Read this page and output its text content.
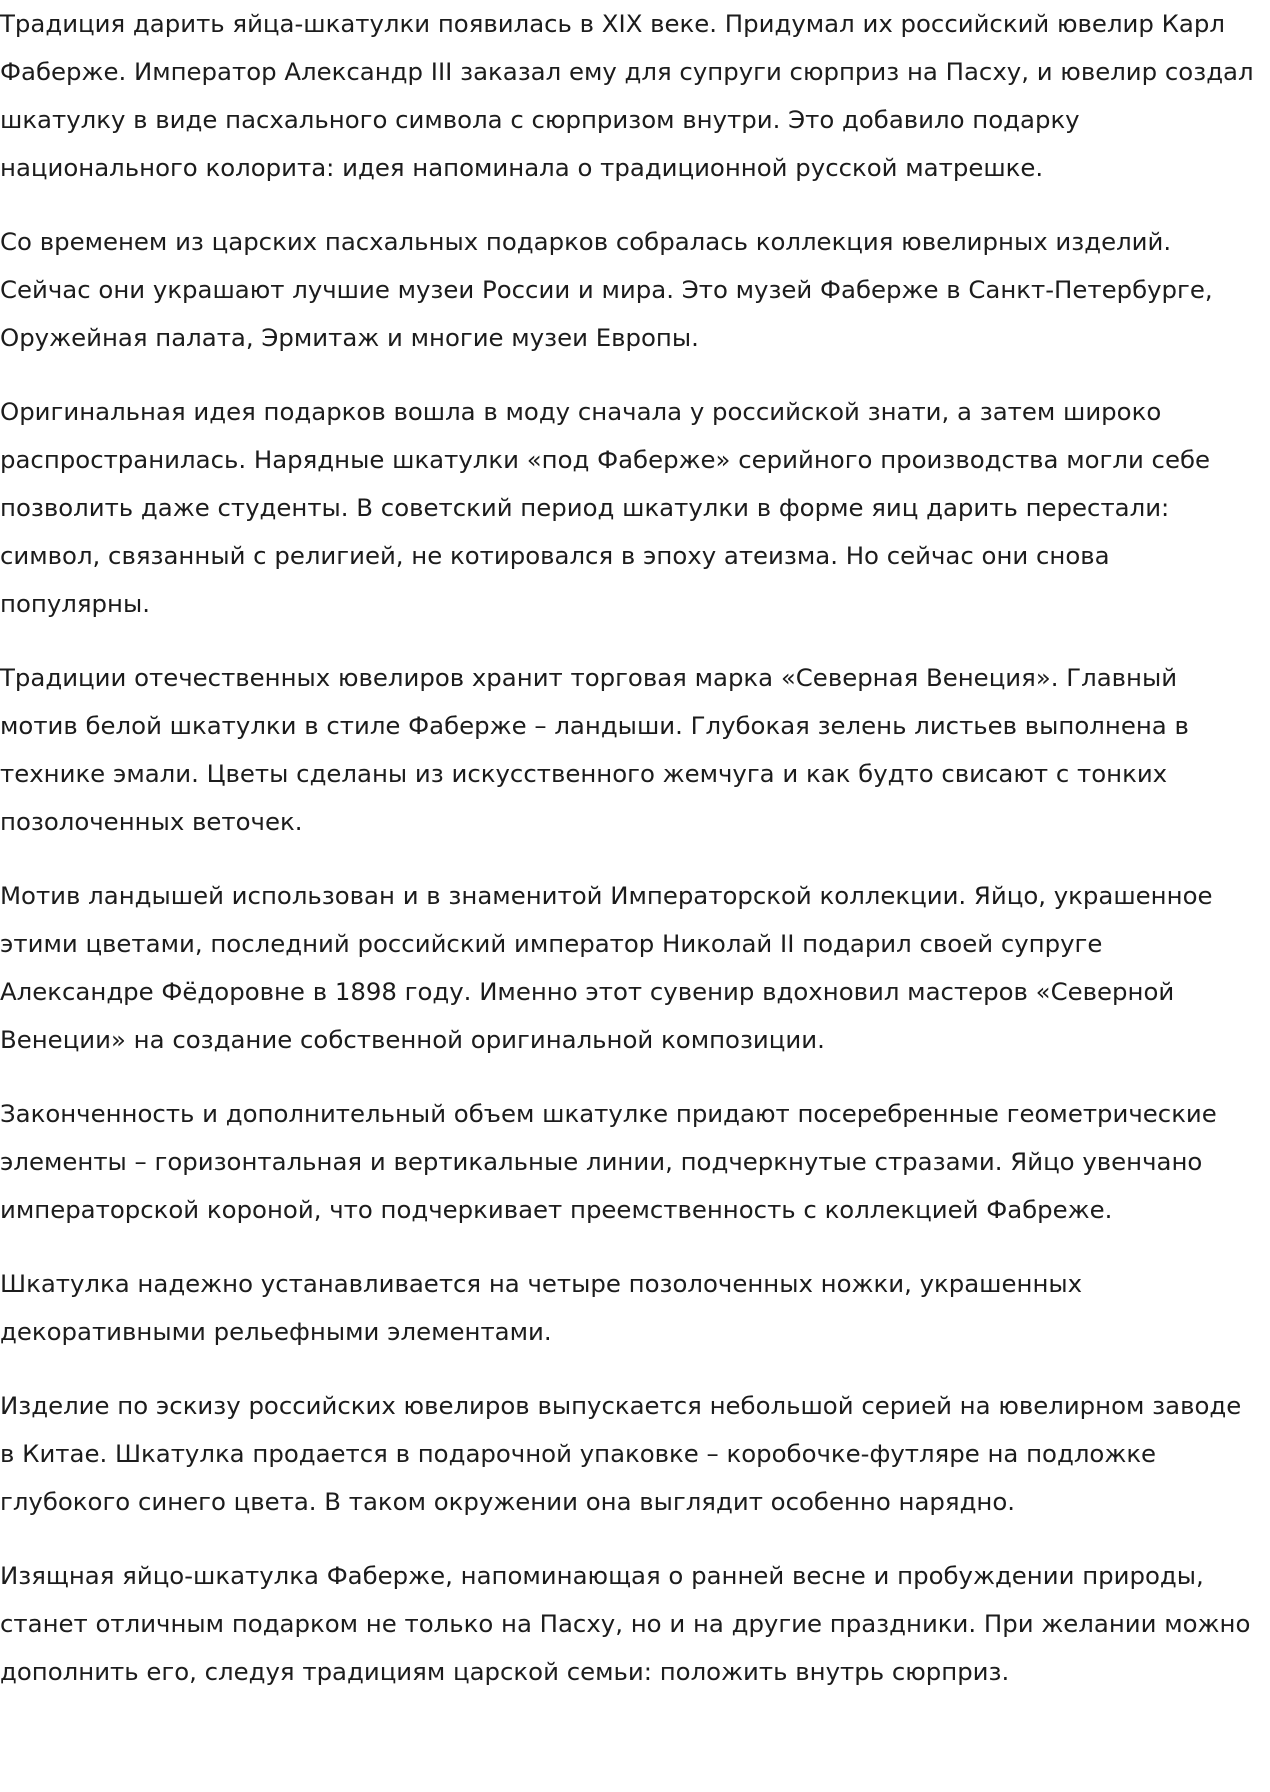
Традиция дарить яйца-шкатулки появилась в XIX веке. Придумал их российский ювелир Карл Фаберже. Император Александр III заказал ему для супруги сюрприз на Пасху, и ювелир создал шкатулку в виде пасхального символа с сюрпризом внутри. Это добавило подарку национального колорита: идея напоминала о традиционной русской матрешке.

Со временем из царских пасхальных подарков собралась коллекция ювелирных изделий. Сейчас они украшают лучшие музеи России и мира. Это музей Фаберже в Санкт-Петербурге, Оружейная палата, Эрмитаж и многие музеи Европы.

Оригинальная идея подарков вошла в моду сначала у российской знати, а затем широко распространилась. Нарядные шкатулки «под Фаберже» серийного производства могли себе позволить даже студенты. В советский период шкатулки в форме яиц дарить перестали: символ, связанный с религией, не котировался в эпоху атеизма. Но сейчас они снова популярны.

Традиции отечественных ювелиров хранит торговая марка «Северная Венеция». Главный мотив белой шкатулки в стиле Фаберже – ландыши. Глубокая зелень листьев выполнена в технике эмали. Цветы сделаны из искусственного жемчуга и как будто свисают с тонких позолоченных веточек.

Мотив ландышей использован и в знаменитой Императорской коллекции. Яйцо, украшенное этими цветами, последний российский император Николай II подарил своей супруге Александре Фёдоровне в 1898 году. Именно этот сувенир вдохновил мастеров «Северной Венеции» на создание собственной оригинальной композиции.

Законченность и дополнительный объем шкатулке придают посеребренные геометрические элементы – горизонтальная и вертикальные линии, подчеркнутые стразами. Яйцо увенчано императорской короной, что подчеркивает преемственность с коллекцией Фабреже.

Шкатулка надежно устанавливается на четыре позолоченных ножки, украшенных декоративными рельефными элементами.

Изделие по эскизу российских ювелиров выпускается небольшой серией на ювелирном заводе в Китае. Шкатулка продается в подарочной упаковке – коробочке-футляре на подложке глубокого синего цвета. В таком окружении она выглядит особенно нарядно.

Изящная яйцо-шкатулка Фаберже, напоминающая о ранней весне и пробуждении природы, станет отличным подарком не только на Пасху, но и на другие праздники. При желании можно дополнить его, следуя традициям царской семьи: положить внутрь сюрприз.
